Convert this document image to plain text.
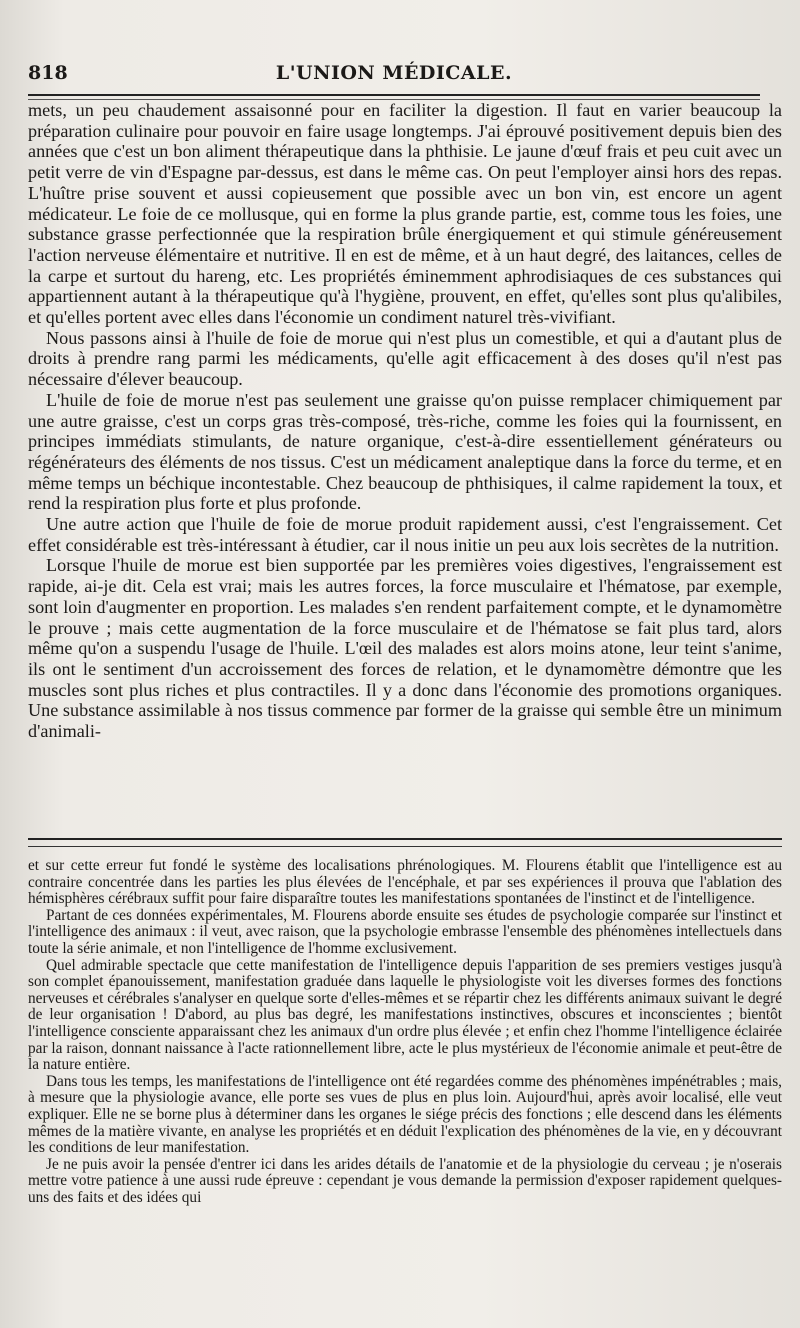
818	L'UNION MÉDICALE.

mets, un peu chaudement assaisonné pour en faciliter la digestion. Il faut en varier beaucoup la préparation culinaire pour pouvoir en faire usage longtemps. J'ai éprouvé positivement depuis bien des années que c'est un bon aliment thérapeutique dans la phthisie. Le jaune d'œuf frais et peu cuit avec un petit verre de vin d'Espagne par-dessus, est dans le même cas. On peut l'employer ainsi hors des repas. L'huître prise souvent et aussi copieusement que possible avec un bon vin, est encore un agent médicateur. Le foie de ce mollusque, qui en forme la plus grande partie, est, comme tous les foies, une substance grasse perfectionnée que la respiration brûle énergiquement et qui stimule généreusement l'action nerveuse élémentaire et nutritive. Il en est de même, et à un haut degré, des laitances, celles de la carpe et surtout du hareng, etc. Les propriétés éminemment aphrodisiaques de ces substances qui appartiennent autant à la thérapeutique qu'à l'hygiène, prouvent, en effet, qu'elles sont plus qu'alibiles, et qu'elles portent avec elles dans l'économie un condiment naturel très-vivifiant.

Nous passons ainsi à l'huile de foie de morue qui n'est plus un comestible, et qui a d'autant plus de droits à prendre rang parmi les médicaments, qu'elle agit efficacement à des doses qu'il n'est pas nécessaire d'élever beaucoup.

L'huile de foie de morue n'est pas seulement une graisse qu'on puisse remplacer chimiquement par une autre graisse, c'est un corps gras très-composé, très-riche, comme les foies qui la fournissent, en principes immédiats stimulants, de nature organique, c'est-à-dire essentiellement générateurs ou régénérateurs des éléments de nos tissus. C'est un médicament analeptique dans la force du terme, et en même temps un béchique incontestable. Chez beaucoup de phthisiques, il calme rapidement la toux, et rend la respiration plus forte et plus profonde.

Une autre action que l'huile de foie de morue produit rapidement aussi, c'est l'engraissement. Cet effet considérable est très-intéressant à étudier, car il nous initie un peu aux lois secrètes de la nutrition.

Lorsque l'huile de morue est bien supportée par les premières voies digestives, l'engraissement est rapide, ai-je dit. Cela est vrai; mais les autres forces, la force musculaire et l'hématose, par exemple, sont loin d'augmenter en proportion. Les malades s'en rendent parfaitement compte, et le dynamomètre le prouve ; mais cette augmentation de la force musculaire et de l'hématose se fait plus tard, alors même qu'on a suspendu l'usage de l'huile. L'œil des malades est alors moins atone, leur teint s'anime, ils ont le sentiment d'un accroissement des forces de relation, et le dynamomètre démontre que les muscles sont plus riches et plus contractiles. Il y a donc dans l'économie des promotions organiques. Une substance assimilable à nos tissus commence par former de la graisse qui semble être un minimum d'animali-

et sur cette erreur fut fondé le système des localisations phrénologiques. M. Flourens établit que l'intelligence est au contraire concentrée dans les parties les plus élevées de l'encéphale, et par ses expériences il prouva que l'ablation des hémisphères cérébraux suffit pour faire disparaître toutes les manifestations spontanées de l'instinct et de l'intelligence.

Partant de ces données expérimentales, M. Flourens aborde ensuite ses études de psychologie comparée sur l'instinct et l'intelligence des animaux : il veut, avec raison, que la psychologie embrasse l'ensemble des phénomènes intellectuels dans toute la série animale, et non l'intelligence de l'homme exclusivement.

Quel admirable spectacle que cette manifestation de l'intelligence depuis l'apparition de ses premiers vestiges jusqu'à son complet épanouissement, manifestation graduée dans laquelle le physiologiste voit les diverses formes des fonctions nerveuses et cérébrales s'analyser en quelque sorte d'elles-mêmes et se répartir chez les différents animaux suivant le degré de leur organisation ! D'abord, au plus bas degré, les manifestations instinctives, obscures et inconscientes ; bientôt l'intelligence consciente apparaissant chez les animaux d'un ordre plus élevée ; et enfin chez l'homme l'intelligence éclairée par la raison, donnant naissance à l'acte rationnellement libre, acte le plus mystérieux de l'économie animale et peut-être de la nature entière.

Dans tous les temps, les manifestations de l'intelligence ont été regardées comme des phénomènes impénétrables ; mais, à mesure que la physiologie avance, elle porte ses vues de plus en plus loin. Aujourd'hui, après avoir localisé, elle veut expliquer. Elle ne se borne plus à déterminer dans les organes le siége précis des fonctions ; elle descend dans les éléments mêmes de la matière vivante, en analyse les propriétés et en déduit l'explication des phénomènes de la vie, en y découvrant les conditions de leur manifestation.

Je ne puis avoir la pensée d'entrer ici dans les arides détails de l'anatomie et de la physiologie du cerveau ; je n'oserais mettre votre patience à une aussi rude épreuve : cependant je vous demande la permission d'exposer rapidement quelques-uns des faits et des idées qui
